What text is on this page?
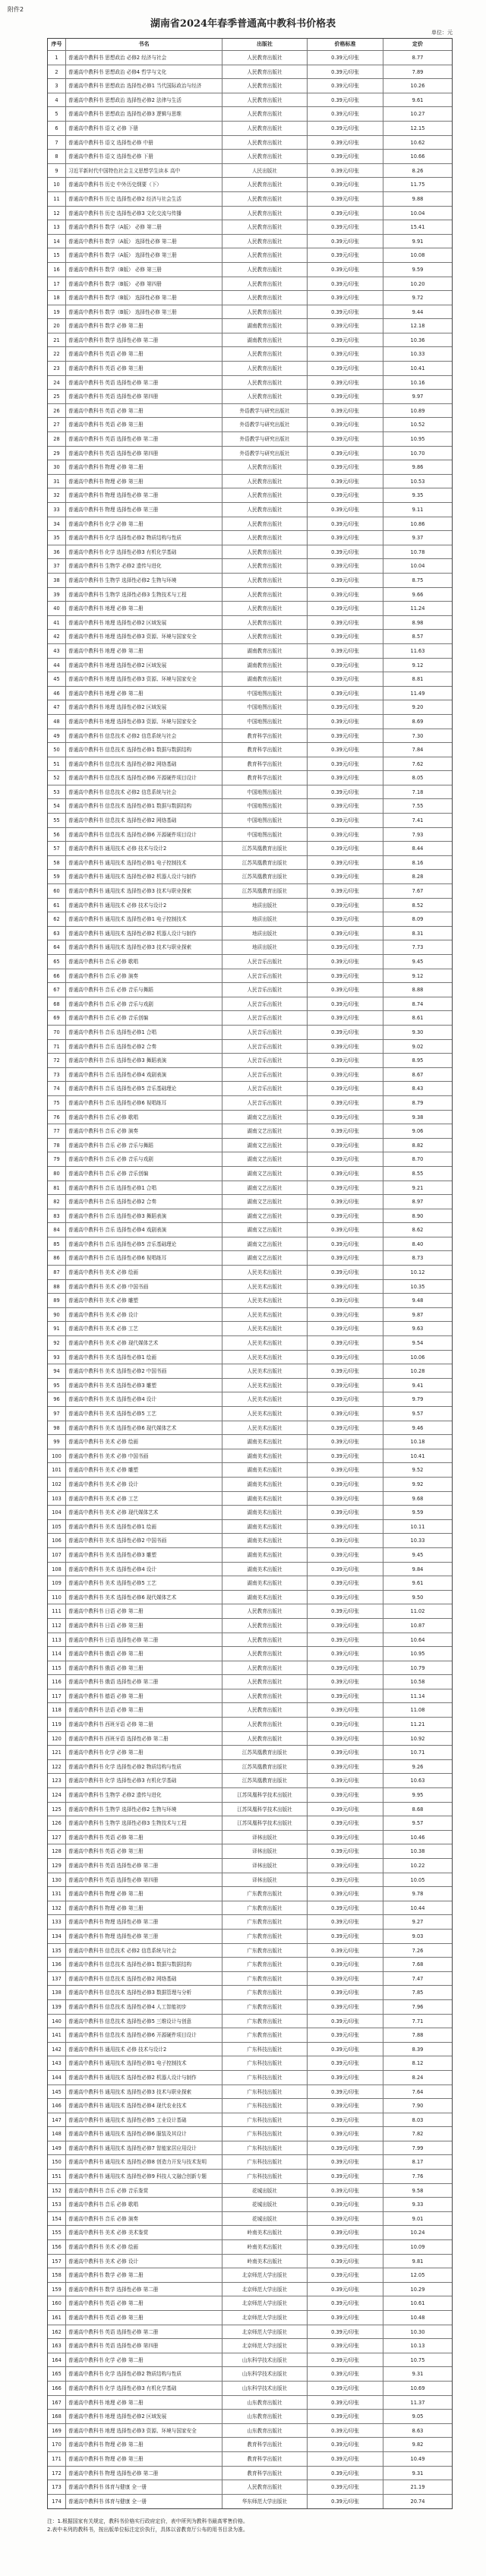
附件2
湖南省2024年春季普通高中教科书价格表
单位：元
序号	书名	出版社	价格标准	定价
1	普通高中教科书 思想政治 必修2 经济与社会	人民教育出版社	0.39元/印张	8.77
2	普通高中教科书 思想政治 必修4 哲学与文化	人民教育出版社	0.39元/印张	7.89
3	普通高中教科书 思想政治 选择性必修1 当代国际政治与经济	人民教育出版社	0.39元/印张	10.26
4	普通高中教科书 思想政治 选择性必修2 法律与生活	人民教育出版社	0.39元/印张	9.61
5	普通高中教科书 思想政治 选择性必修3 逻辑与思维	人民教育出版社	0.39元/印张	10.27
6	普通高中教科书 语文 必修 下册	人民教育出版社	0.39元/印张	12.15
7	普通高中教科书 语文 选择性必修 中册	人民教育出版社	0.39元/印张	10.62
8	普通高中教科书 语文 选择性必修 下册	人民教育出版社	0.39元/印张	10.66
9	习近平新时代中国特色社会主义思想学生读本 高中	人民出版社	0.39元/印张	8.26
10	普通高中教科书 历史 中外历史纲要（下）	人民教育出版社	0.39元/印张	11.75
11	普通高中教科书 历史 选择性必修2 经济与社会生活	人民教育出版社	0.39元/印张	9.88
12	普通高中教科书 历史 选择性必修3 文化交流与传播	人民教育出版社	0.39元/印张	10.04
13	普通高中教科书 数学（A版） 必修 第二册	人民教育出版社	0.39元/印张	15.41
14	普通高中教科书 数学（A版） 选择性必修 第二册	人民教育出版社	0.39元/印张	9.91
15	普通高中教科书 数学（A版） 选择性必修 第三册	人民教育出版社	0.39元/印张	10.08
16	普通高中教科书 数学（B版） 必修 第三册	人民教育出版社	0.39元/印张	9.59
17	普通高中教科书 数学（B版） 必修 第四册	人民教育出版社	0.39元/印张	10.20
18	普通高中教科书 数学（B版） 选择性必修 第二册	人民教育出版社	0.39元/印张	9.72
19	普通高中教科书 数学（B版） 选择性必修 第三册	人民教育出版社	0.39元/印张	9.44
20	普通高中教科书 数学 必修 第二册	湖南教育出版社	0.39元/印张	12.18
21	普通高中教科书 数学 选择性必修 第二册	湖南教育出版社	0.39元/印张	10.36
22	普通高中教科书 英语 必修 第二册	人民教育出版社	0.39元/印张	10.33
23	普通高中教科书 英语 必修 第三册	人民教育出版社	0.39元/印张	10.41
24	普通高中教科书 英语 选择性必修 第二册	人民教育出版社	0.39元/印张	10.16
25	普通高中教科书 英语 选择性必修 第四册	人民教育出版社	0.39元/印张	9.97
26	普通高中教科书 英语 必修 第二册	外语教学与研究出版社	0.39元/印张	10.89
27	普通高中教科书 英语 必修 第三册	外语教学与研究出版社	0.39元/印张	10.52
28	普通高中教科书 英语 选择性必修 第二册	外语教学与研究出版社	0.39元/印张	10.95
29	普通高中教科书 英语 选择性必修 第四册	外语教学与研究出版社	0.39元/印张	10.70
30	普通高中教科书 物理 必修 第二册	人民教育出版社	0.39元/印张	9.86
31	普通高中教科书 物理 必修 第三册	人民教育出版社	0.39元/印张	10.53
32	普通高中教科书 物理 选择性必修 第二册	人民教育出版社	0.39元/印张	9.35
33	普通高中教科书 物理 选择性必修 第三册	人民教育出版社	0.39元/印张	9.11
34	普通高中教科书 化学 必修 第二册	人民教育出版社	0.39元/印张	10.86
35	普通高中教科书 化学 选择性必修2 物质结构与性质	人民教育出版社	0.39元/印张	9.37
36	普通高中教科书 化学 选择性必修3 有机化学基础	人民教育出版社	0.39元/印张	10.78
37	普通高中教科书 生物学 必修2 遗传与进化	人民教育出版社	0.39元/印张	10.04
38	普通高中教科书 生物学 选择性必修2 生物与环境	人民教育出版社	0.39元/印张	8.75
39	普通高中教科书 生物学 选择性必修3 生物技术与工程	人民教育出版社	0.39元/印张	9.66
40	普通高中教科书 地理 必修 第二册	人民教育出版社	0.39元/印张	11.24
41	普通高中教科书 地理 选择性必修2 区域发展	人民教育出版社	0.39元/印张	8.98
42	普通高中教科书 地理 选择性必修3 资源、环境与国家安全	人民教育出版社	0.39元/印张	8.57
43	普通高中教科书 地理 必修 第二册	湖南教育出版社	0.39元/印张	11.63
44	普通高中教科书 地理 选择性必修2 区域发展	湖南教育出版社	0.39元/印张	9.12
45	普通高中教科书 地理 选择性必修3 资源、环境与国家安全	湖南教育出版社	0.39元/印张	8.81
46	普通高中教科书 地理 必修 第二册	中国地图出版社	0.39元/印张	11.49
47	普通高中教科书 地理 选择性必修2 区域发展	中国地图出版社	0.39元/印张	9.20
48	普通高中教科书 地理 选择性必修3 资源、环境与国家安全	中国地图出版社	0.39元/印张	8.69
49	普通高中教科书 信息技术 必修2 信息系统与社会	教育科学出版社	0.39元/印张	7.30
50	普通高中教科书 信息技术 选择性必修1 数据与数据结构	教育科学出版社	0.39元/印张	7.84
51	普通高中教科书 信息技术 选择性必修2 网络基础	教育科学出版社	0.39元/印张	7.62
52	普通高中教科书 信息技术 选择性必修6 开源硬件项目设计	教育科学出版社	0.39元/印张	8.05
53	普通高中教科书 信息技术 必修2 信息系统与社会	中国地图出版社	0.39元/印张	7.18
54	普通高中教科书 信息技术 选择性必修1 数据与数据结构	中国地图出版社	0.39元/印张	7.55
55	普通高中教科书 信息技术 选择性必修2 网络基础	中国地图出版社	0.39元/印张	7.41
56	普通高中教科书 信息技术 选择性必修6 开源硬件项目设计	中国地图出版社	0.39元/印张	7.93
57	普通高中教科书 通用技术 必修 技术与设计2	江苏凤凰教育出版社	0.39元/印张	8.44
58	普通高中教科书 通用技术 选择性必修1 电子控制技术	江苏凤凰教育出版社	0.39元/印张	8.16
59	普通高中教科书 通用技术 选择性必修2 机器人设计与制作	江苏凤凰教育出版社	0.39元/印张	8.28
60	普通高中教科书 通用技术 选择性必修3 技术与职业探索	江苏凤凰教育出版社	0.39元/印张	7.67
61	普通高中教科书 通用技术 必修 技术与设计2	地质出版社	0.39元/印张	8.52
62	普通高中教科书 通用技术 选择性必修1 电子控制技术	地质出版社	0.39元/印张	8.09
63	普通高中教科书 通用技术 选择性必修2 机器人设计与制作	地质出版社	0.39元/印张	8.31
64	普通高中教科书 通用技术 选择性必修3 技术与职业探索	地质出版社	0.39元/印张	7.73
65	普通高中教科书 音乐 必修 歌唱	人民音乐出版社	0.39元/印张	9.45
66	普通高中教科书 音乐 必修 演奏	人民音乐出版社	0.39元/印张	9.12
67	普通高中教科书 音乐 必修 音乐与舞蹈	人民音乐出版社	0.39元/印张	8.88
68	普通高中教科书 音乐 必修 音乐与戏剧	人民音乐出版社	0.39元/印张	8.74
69	普通高中教科书 音乐 必修 音乐创编	人民音乐出版社	0.39元/印张	8.61
70	普通高中教科书 音乐 选择性必修1 合唱	人民音乐出版社	0.39元/印张	9.30
71	普通高中教科书 音乐 选择性必修2 合奏	人民音乐出版社	0.39元/印张	9.02
72	普通高中教科书 音乐 选择性必修3 舞蹈表演	人民音乐出版社	0.39元/印张	8.95
73	普通高中教科书 音乐 选择性必修4 戏剧表演	人民音乐出版社	0.39元/印张	8.67
74	普通高中教科书 音乐 选择性必修5 音乐基础理论	人民音乐出版社	0.39元/印张	8.43
75	普通高中教科书 音乐 选择性必修6 视唱练耳	人民音乐出版社	0.39元/印张	8.79
76	普通高中教科书 音乐 必修 歌唱	湖南文艺出版社	0.39元/印张	9.38
77	普通高中教科书 音乐 必修 演奏	湖南文艺出版社	0.39元/印张	9.06
78	普通高中教科书 音乐 必修 音乐与舞蹈	湖南文艺出版社	0.39元/印张	8.82
79	普通高中教科书 音乐 必修 音乐与戏剧	湖南文艺出版社	0.39元/印张	8.70
80	普通高中教科书 音乐 必修 音乐创编	湖南文艺出版社	0.39元/印张	8.55
81	普通高中教科书 音乐 选择性必修1 合唱	湖南文艺出版社	0.39元/印张	9.21
82	普通高中教科书 音乐 选择性必修2 合奏	湖南文艺出版社	0.39元/印张	8.97
83	普通高中教科书 音乐 选择性必修3 舞蹈表演	湖南文艺出版社	0.39元/印张	8.90
84	普通高中教科书 音乐 选择性必修4 戏剧表演	湖南文艺出版社	0.39元/印张	8.62
85	普通高中教科书 音乐 选择性必修5 音乐基础理论	湖南文艺出版社	0.39元/印张	8.40
86	普通高中教科书 音乐 选择性必修6 视唱练耳	湖南文艺出版社	0.39元/印张	8.73
87	普通高中教科书 美术 必修 绘画	人民美术出版社	0.39元/印张	10.12
88	普通高中教科书 美术 必修 中国书画	人民美术出版社	0.39元/印张	10.35
89	普通高中教科书 美术 必修 雕塑	人民美术出版社	0.39元/印张	9.48
90	普通高中教科书 美术 必修 设计	人民美术出版社	0.39元/印张	9.87
91	普通高中教科书 美术 必修 工艺	人民美术出版社	0.39元/印张	9.63
92	普通高中教科书 美术 必修 现代媒体艺术	人民美术出版社	0.39元/印张	9.54
93	普通高中教科书 美术 选择性必修1 绘画	人民美术出版社	0.39元/印张	10.06
94	普通高中教科书 美术 选择性必修2 中国书画	人民美术出版社	0.39元/印张	10.28
95	普通高中教科书 美术 选择性必修3 雕塑	人民美术出版社	0.39元/印张	9.41
96	普通高中教科书 美术 选择性必修4 设计	人民美术出版社	0.39元/印张	9.79
97	普通高中教科书 美术 选择性必修5 工艺	人民美术出版社	0.39元/印张	9.57
98	普通高中教科书 美术 选择性必修6 现代媒体艺术	人民美术出版社	0.39元/印张	9.46
99	普通高中教科书 美术 必修 绘画	湖南美术出版社	0.39元/印张	10.18
100	普通高中教科书 美术 必修 中国书画	湖南美术出版社	0.39元/印张	10.41
101	普通高中教科书 美术 必修 雕塑	湖南美术出版社	0.39元/印张	9.52
102	普通高中教科书 美术 必修 设计	湖南美术出版社	0.39元/印张	9.92
103	普通高中教科书 美术 必修 工艺	湖南美术出版社	0.39元/印张	9.68
104	普通高中教科书 美术 必修 现代媒体艺术	湖南美术出版社	0.39元/印张	9.59
105	普通高中教科书 美术 选择性必修1 绘画	湖南美术出版社	0.39元/印张	10.11
106	普通高中教科书 美术 选择性必修2 中国书画	湖南美术出版社	0.39元/印张	10.33
107	普通高中教科书 美术 选择性必修3 雕塑	湖南美术出版社	0.39元/印张	9.45
108	普通高中教科书 美术 选择性必修4 设计	湖南美术出版社	0.39元/印张	9.84
109	普通高中教科书 美术 选择性必修5 工艺	湖南美术出版社	0.39元/印张	9.61
110	普通高中教科书 美术 选择性必修6 现代媒体艺术	湖南美术出版社	0.39元/印张	9.50
111	普通高中教科书 日语 必修 第二册	人民教育出版社	0.39元/印张	11.02
112	普通高中教科书 日语 必修 第三册	人民教育出版社	0.39元/印张	10.87
113	普通高中教科书 日语 选择性必修 第二册	人民教育出版社	0.39元/印张	10.64
114	普通高中教科书 俄语 必修 第二册	人民教育出版社	0.39元/印张	10.95
115	普通高中教科书 俄语 必修 第三册	人民教育出版社	0.39元/印张	10.79
116	普通高中教科书 俄语 选择性必修 第二册	人民教育出版社	0.39元/印张	10.58
117	普通高中教科书 德语 必修 第二册	人民教育出版社	0.39元/印张	11.14
118	普通高中教科书 法语 必修 第二册	人民教育出版社	0.39元/印张	11.08
119	普通高中教科书 西班牙语 必修 第二册	人民教育出版社	0.39元/印张	11.21
120	普通高中教科书 西班牙语 选择性必修 第二册	人民教育出版社	0.39元/印张	10.92
121	普通高中教科书 化学 必修 第二册	江苏凤凰教育出版社	0.39元/印张	10.71
122	普通高中教科书 化学 选择性必修2 物质结构与性质	江苏凤凰教育出版社	0.39元/印张	9.26
123	普通高中教科书 化学 选择性必修3 有机化学基础	江苏凤凰教育出版社	0.39元/印张	10.63
124	普通高中教科书 生物学 必修2 遗传与进化	江苏凤凰科学技术出版社	0.39元/印张	9.95
125	普通高中教科书 生物学 选择性必修2 生物与环境	江苏凤凰科学技术出版社	0.39元/印张	8.68
126	普通高中教科书 生物学 选择性必修3 生物技术与工程	江苏凤凰科学技术出版社	0.39元/印张	9.57
127	普通高中教科书 英语 必修 第二册	译林出版社	0.39元/印张	10.46
128	普通高中教科书 英语 必修 第三册	译林出版社	0.39元/印张	10.38
129	普通高中教科书 英语 选择性必修 第二册	译林出版社	0.39元/印张	10.22
130	普通高中教科书 英语 选择性必修 第四册	译林出版社	0.39元/印张	10.05
131	普通高中教科书 物理 必修 第二册	广东教育出版社	0.39元/印张	9.78
132	普通高中教科书 物理 必修 第三册	广东教育出版社	0.39元/印张	10.44
133	普通高中教科书 物理 选择性必修 第二册	广东教育出版社	0.39元/印张	9.27
134	普通高中教科书 物理 选择性必修 第三册	广东教育出版社	0.39元/印张	9.03
135	普通高中教科书 信息技术 必修2 信息系统与社会	广东教育出版社	0.39元/印张	7.26
136	普通高中教科书 信息技术 选择性必修1 数据与数据结构	广东教育出版社	0.39元/印张	7.68
137	普通高中教科书 信息技术 选择性必修2 网络基础	广东教育出版社	0.39元/印张	7.47
138	普通高中教科书 信息技术 选择性必修3 数据管理与分析	广东教育出版社	0.39元/印张	7.85
139	普通高中教科书 信息技术 选择性必修4 人工智能初步	广东教育出版社	0.39元/印张	7.96
140	普通高中教科书 信息技术 选择性必修5 三维设计与创意	广东教育出版社	0.39元/印张	7.71
141	普通高中教科书 信息技术 选择性必修6 开源硬件项目设计	广东教育出版社	0.39元/印张	7.88
142	普通高中教科书 通用技术 必修 技术与设计2	广东科技出版社	0.39元/印张	8.39
143	普通高中教科书 通用技术 选择性必修1 电子控制技术	广东科技出版社	0.39元/印张	8.12
144	普通高中教科书 通用技术 选择性必修2 机器人设计与制作	广东科技出版社	0.39元/印张	8.24
145	普通高中教科书 通用技术 选择性必修3 技术与职业探索	广东科技出版社	0.39元/印张	7.64
146	普通高中教科书 通用技术 选择性必修4 现代农业技术	广东科技出版社	0.39元/印张	7.90
147	普通高中教科书 通用技术 选择性必修5 工业设计基础	广东科技出版社	0.39元/印张	8.03
148	普通高中教科书 通用技术 选择性必修6 服装及其设计	广东科技出版社	0.39元/印张	7.82
149	普通高中教科书 通用技术 选择性必修7 智能家居应用设计	广东科技出版社	0.39元/印张	7.99
150	普通高中教科书 通用技术 选择性必修8 创造力开发与技术发明	广东科技出版社	0.39元/印张	8.17
151	普通高中教科书 通用技术 选择性必修9 科技人文融合创新专题	广东科技出版社	0.39元/印张	7.76
152	普通高中教科书 音乐 必修 音乐鉴赏	花城出版社	0.39元/印张	9.58
153	普通高中教科书 音乐 必修 歌唱	花城出版社	0.39元/印张	9.33
154	普通高中教科书 音乐 必修 演奏	花城出版社	0.39元/印张	9.01
155	普通高中教科书 美术 必修 美术鉴赏	岭南美术出版社	0.39元/印张	10.24
156	普通高中教科书 美术 必修 绘画	岭南美术出版社	0.39元/印张	10.09
157	普通高中教科书 美术 必修 设计	岭南美术出版社	0.39元/印张	9.81
158	普通高中教科书 数学 必修 第二册	北京师范大学出版社	0.39元/印张	12.05
159	普通高中教科书 数学 选择性必修 第二册	北京师范大学出版社	0.39元/印张	10.29
160	普通高中教科书 英语 必修 第二册	北京师范大学出版社	0.39元/印张	10.61
161	普通高中教科书 英语 必修 第三册	北京师范大学出版社	0.39元/印张	10.48
162	普通高中教科书 英语 选择性必修 第二册	北京师范大学出版社	0.39元/印张	10.30
163	普通高中教科书 英语 选择性必修 第四册	北京师范大学出版社	0.39元/印张	10.13
164	普通高中教科书 化学 必修 第二册	山东科学技术出版社	0.39元/印张	10.75
165	普通高中教科书 化学 选择性必修2 物质结构与性质	山东科学技术出版社	0.39元/印张	9.31
166	普通高中教科书 化学 选择性必修3 有机化学基础	山东科学技术出版社	0.39元/印张	10.69
167	普通高中教科书 地理 必修 第二册	山东教育出版社	0.39元/印张	11.37
168	普通高中教科书 地理 选择性必修2 区域发展	山东教育出版社	0.39元/印张	9.05
169	普通高中教科书 地理 选择性必修3 资源、环境与国家安全	山东教育出版社	0.39元/印张	8.63
170	普通高中教科书 物理 必修 第二册	教育科学出版社	0.39元/印张	9.82
171	普通高中教科书 物理 必修 第三册	教育科学出版社	0.39元/印张	10.49
172	普通高中教科书 物理 选择性必修 第二册	教育科学出版社	0.39元/印张	9.31
173	普通高中教科书 体育与健康 全一册	人民教育出版社	0.39元/印张	21.19
174	普通高中教科书 体育与健康 全一册	华东师范大学出版社	0.39元/印张	20.74
注：1.根据国家有关规定，教科书价格实行政府定价，表中所列为教科书最高零售价格。
2.表中未列的教科书，按出版单位标注定价执行，具体以省教育厅公布的用书目录为准。
